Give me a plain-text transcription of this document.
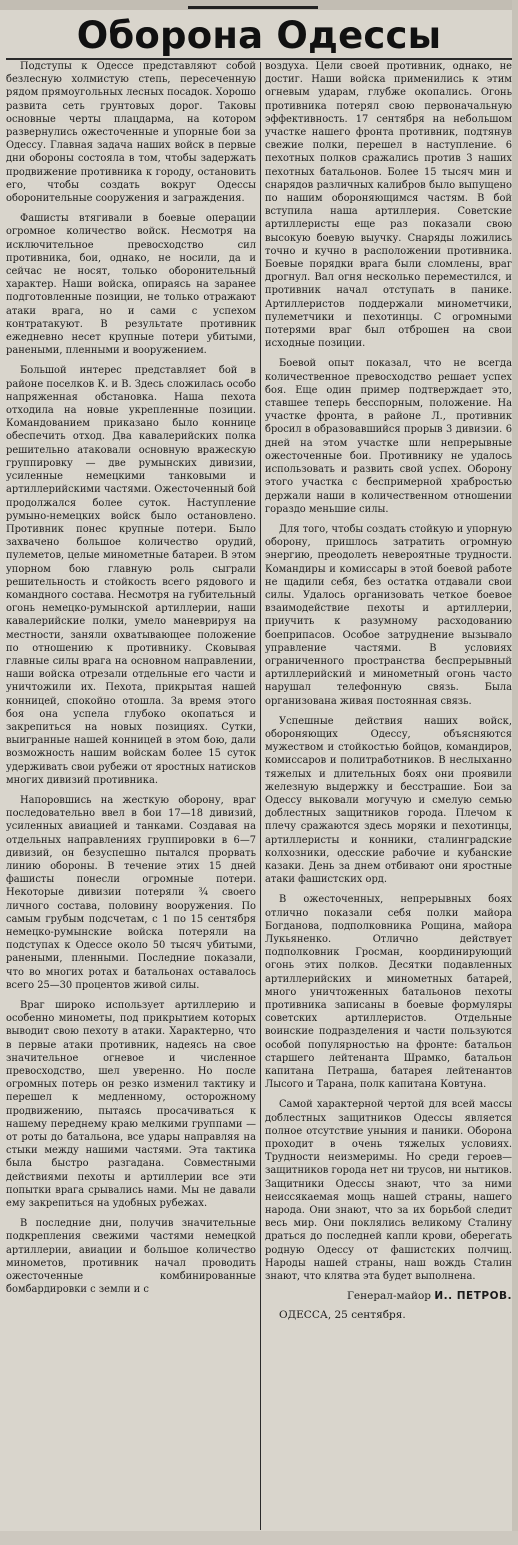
Оборона Одессы

Подступы к Одессе представляют собой безлесную холмистую степь, пересеченную рядом прямоугольных лесных посадок. Хорошо развита сеть грунтовых дорог. Таковы основные черты плацдарма, на котором развернулись ожесточенные и упорные бои за Одессу. Главная задача наших войск в первые дни обороны состояла в том, чтобы задержать продвижение противника к городу, остановить его, чтобы создать вокруг Одессы оборонительные сооружения и заграждения.

Фашисты втягивали в боевые операции огромное количество войск. Несмотря на исключительное превосходство сил противника, бои, однако, не носили, да и сейчас не носят, только оборонительный характер. Наши войска, опираясь на заранее подготовленные позиции, не только отражают атаки врага, но и сами с успехом контратакуют. В результате противник ежедневно несет крупные потери убитыми, ранеными, пленными и вооружением.

Большой интерес представляет бой в районе поселков К. и В. Здесь сложилась особо напряженная обстановка. Наша пехота отходила на новые укрепленные позиции. Командованием приказано было коннице обеспечить отход. Два кавалерийских полка решительно атаковали основную вражескую группировку — две румынских дивизии, усиленные немецкими танковыми и артиллерийскими частями. Ожесточенный бой продолжался более суток. Наступление румыно-немецких войск было остановлено. Противник понес крупные потери. Было захвачено большое количество орудий, пулеметов, целые минометные батареи. В этом упорном бою главную роль сыграли решительность и стойкость всего рядового и командного состава. Несмотря на губительный огонь немецко-румынской артиллерии, наши кавалерийские полки, умело маневрируя на местности, заняли охватывающее положение по отношению к противнику. Сковывая главные силы врага на основном направлении, наши войска отрезали отдельные его части и уничтожили их. Пехота, прикрытая нашей конницей, спокойно отошла. За время этого боя она успела глубоко окопаться и закрепиться на новых позициях. Сутки, выигранные нашей конницей в этом бою, дали возможность нашим войскам более 15 суток удерживать свои рубежи от яростных натисков многих дивизий противника.

Напоровшись на жесткую оборону, враг последовательно ввел в бои 17—18 дивизий, усиленных авиацией и танками. Создавая на отдельных направлениях группировки в 6—7 дивизий, он безуспешно пытался прорвать линию обороны. В течение этих 15 дней фашисты понесли огромные потери. Некоторые дивизии потеряли ¾ своего личного состава, половину вооружения. По самым грубым подсчетам, с 1 по 15 сентября немецко-румынские войска потеряли на подступах к Одессе около 50 тысяч убитыми, ранеными, пленными. Последние показали, что во многих ротах и батальонах оставалось всего 25—30 процентов живой силы.

Враг широко использует артиллерию и особенно минометы, под прикрытием которых выводит свою пехоту в атаки. Характерно, что в первые атаки противник, надеясь на свое значительное огневое и численное превосходство, шел уверенно. Но после огромных потерь он резко изменил тактику и перешел к медленному, осторожному продвижению, пытаясь просачиваться к нашему переднему краю мелкими группами — от роты до батальона, все удары направляя на стыки между нашими частями. Эта тактика была быстро разгадана. Совместными действиями пехоты и артиллерии все эти попытки врага срывались нами. Мы не давали ему закрепиться на удобных рубежах.

В последние дни, получив значительные подкрепления свежими частями немецкой артиллерии, авиации и большое количество минометов, противник начал проводить ожесточенные комбинированные бомбардировки с земли и с

воздуха. Цели своей противник, однако, не достиг. Наши войска применились к этим огневым ударам, глубже окопались. Огонь противника потерял свою первоначальную эффективность. 17 сентября на небольшом участке нашего фронта противник, подтянув свежие полки, перешел в наступление. 6 пехотных полков сражались против 3 наших пехотных батальонов. Более 15 тысяч мин и снарядов различных калибров было выпущено по нашим обороняющимся частям. В бой вступила наша артиллерия. Советские артиллеристы еще раз показали свою высокую боевую выучку. Снаряды ложились точно и кучно в расположении противника. Боевые порядки врага были сломлены, враг дрогнул. Вал огня несколько переместился, и противник начал отступать в панике. Артиллеристов поддержали минометчики, пулеметчики и пехотинцы. С огромными потерями враг был отброшен на свои исходные позиции.

Боевой опыт показал, что не всегда количественное превосходство решает успех боя. Еще один пример подтверждает это, ставшее теперь бесспорным, положение. На участке фронта, в районе Л., противник бросил в образовавшийся прорыв 3 дивизии. 6 дней на этом участке шли непрерывные ожесточенные бои. Противнику не удалось использовать и развить свой успех. Оборону этого участка с беспримерной храбростью держали наши в количественном отношении гораздо меньшие силы.

Для того, чтобы создать стойкую и упорную оборону, пришлось затратить огромную энергию, преодолеть невероятные трудности. Командиры и комиссары в этой боевой работе не щадили себя, без остатка отдавали свои силы. Удалось организовать четкое боевое взаимодействие пехоты и артиллерии, приучить к разумному расходованию боеприпасов. Особое затруднение вызывало управление частями. В условиях ограниченного пространства беспрерывный артиллерийский и минометный огонь часто нарушал телефонную связь. Была организована живая постоянная связь.

Успешные действия наших войск, обороняющих Одессу, объясняются мужеством и стойкостью бойцов, командиров, комиссаров и политработников. В неслыханно тяжелых и длительных боях они проявили железную выдержку и бесстрашие. Бои за Одессу выковали могучую и смелую семью доблестных защитников города. Плечом к плечу сражаются здесь моряки и пехотинцы, артиллеристы и конники, сталинградские колхозники, одесские рабочие и кубанские казаки. День за днем отбивают они яростные атаки фашистских орд.

В ожесточенных, непрерывных боях отлично показали себя полки майора Богданова, подполковника Рощина, майора Лукьяненко. Отлично действует подполковник Гросман, координирующий огонь этих полков. Десятки подавленных артиллерийских и минометных батарей, много уничтоженных батальонов пехоты противника записаны в боевые формуляры советских артиллеристов. Отдельные воинские подразделения и части пользуются особой популярностью на фронте: батальон старшего лейтенанта Шрамко, батальон капитана Петраша, батарея лейтенантов Лысого и Тарана, полк капитана Ковтуна.

Самой характерной чертой для всей массы доблестных защитников Одессы является полное отсутствие уныния и паники. Оборона проходит в очень тяжелых условиях. Трудности неизмеримы. Но среди героев—защитников города нет ни трусов, ни нытиков. Защитники Одессы знают, что за ними неиссякаемая мощь нашей страны, нашего народа. Они знают, что за их борьбой следит весь мир. Они поклялись великому Сталину драться до последней капли крови, оберегать родную Одессу от фашистских полчищ. Народы нашей страны, наш вождь Сталин знают, что клятва эта будет выполнена.

Генерал-майор И.. ПЕТРОВ.
ОДЕССА, 25 сентября.
